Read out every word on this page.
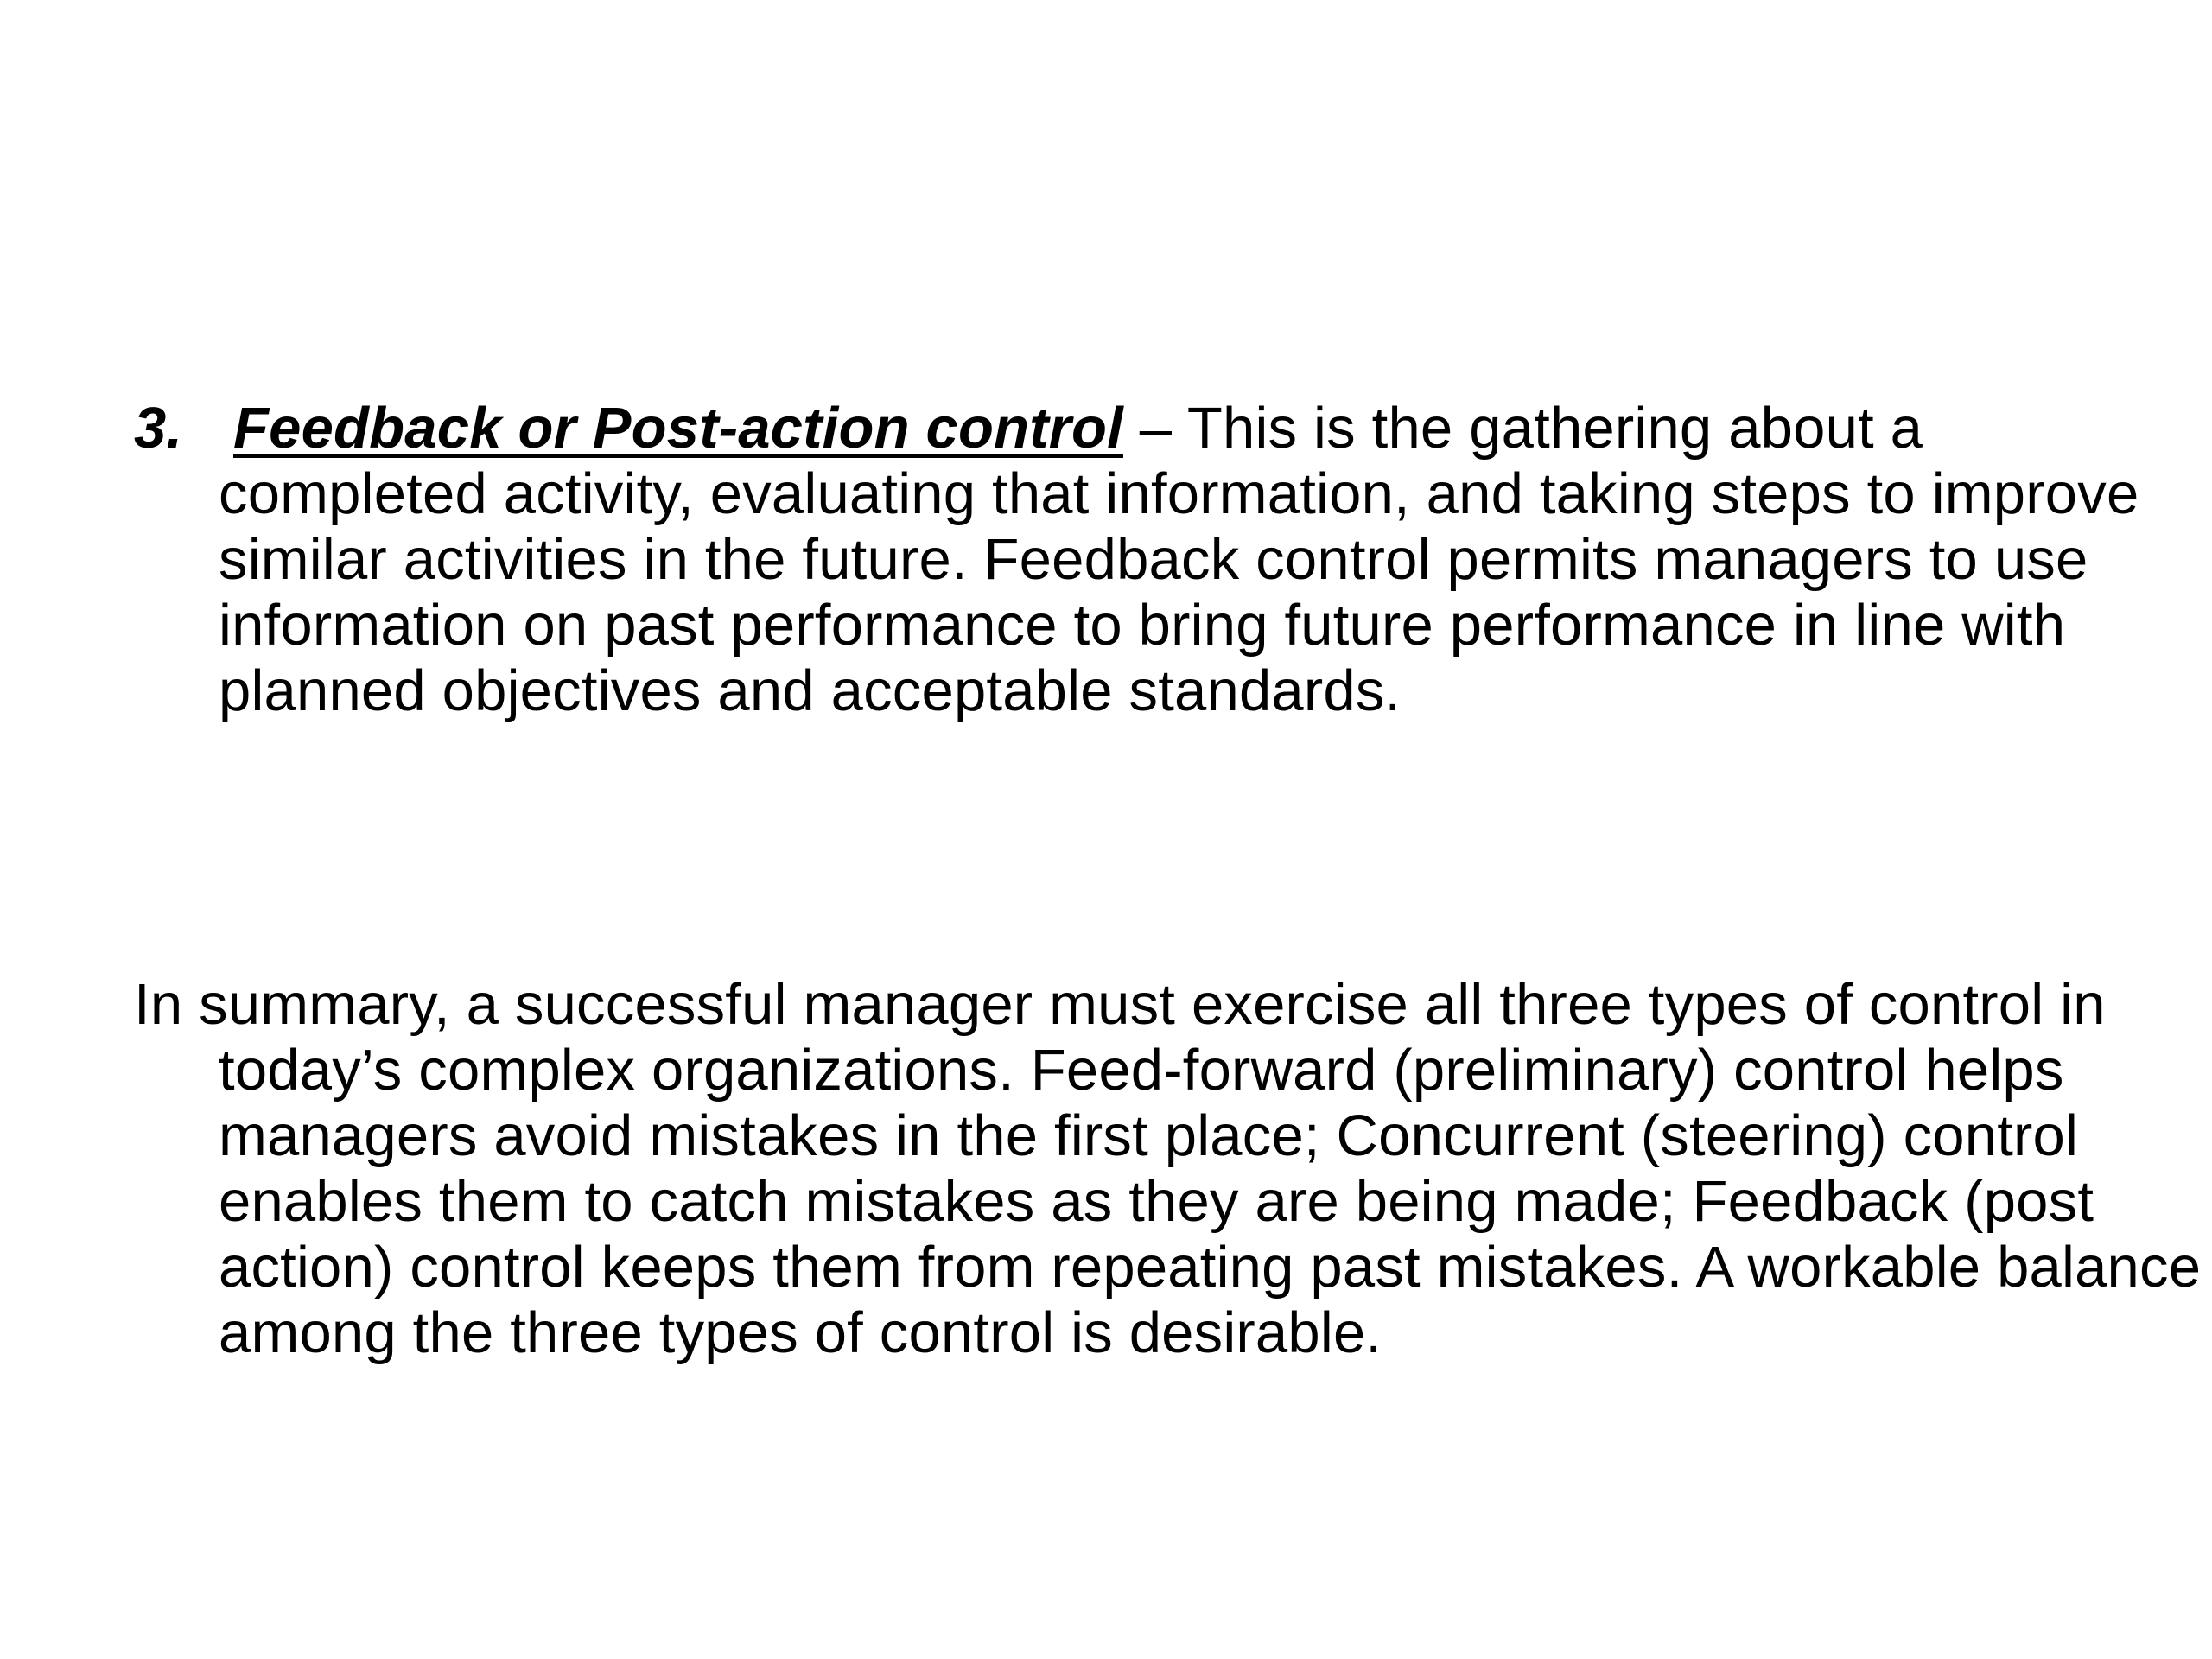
3. Feedback or Post-action control – This is the gathering about a completed activity, evaluating that information, and taking steps to improve similar activities in the future. Feedback control permits managers to use information on past performance to bring future performance in line with planned objectives and acceptable standards.

In summary, a successful manager must exercise all three types of control in today’s complex organizations. Feed-forward (preliminary) control helps managers avoid mistakes in the first place; Concurrent (steering) control enables them to catch mistakes as they are being made; Feedback (post action) control keeps them from repeating past mistakes. A workable balance among the three types of control is desirable.
